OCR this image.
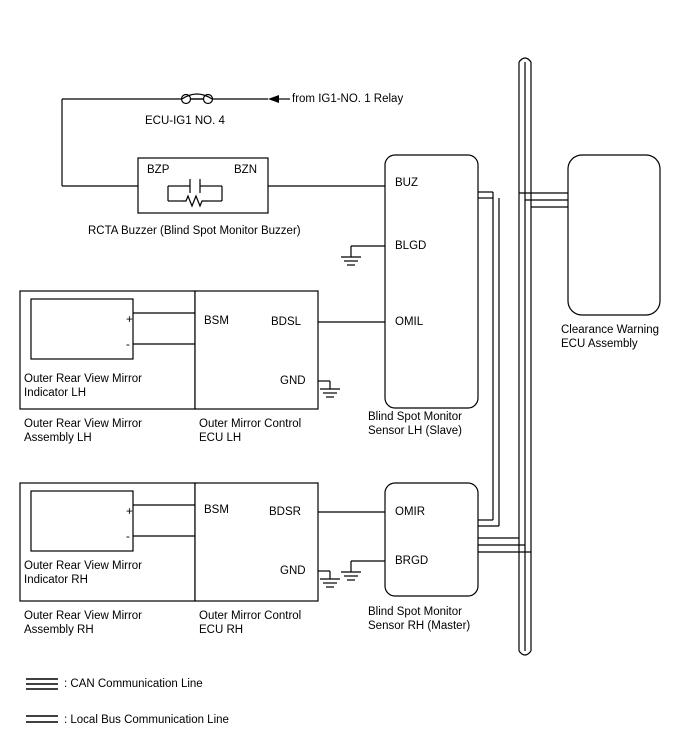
from IG1-NO. 1 Relay
ECU-IG1 NO. 4
BZP	BZN
RCTA Buzzer (Blind Spot Monitor Buzzer)
BUZ
BLGD
OMIL
Blind Spot Monitor
Sensor LH (Slave)
OMIR
BRGD
Blind Spot Monitor
Sensor RH (Master)
Clearance Warning
ECU Assembly
+
-
Outer Rear View Mirror
Indicator LH
Outer Rear View Mirror
Assembly LH
BSM	BDSL
GND
Outer Mirror Control
ECU LH
+
-
Outer Rear View Mirror
Indicator RH
Outer Rear View Mirror
Assembly RH
BSM	BDSR
GND
Outer Mirror Control
ECU RH
: CAN Communication Line
: Local Bus Communication Line
